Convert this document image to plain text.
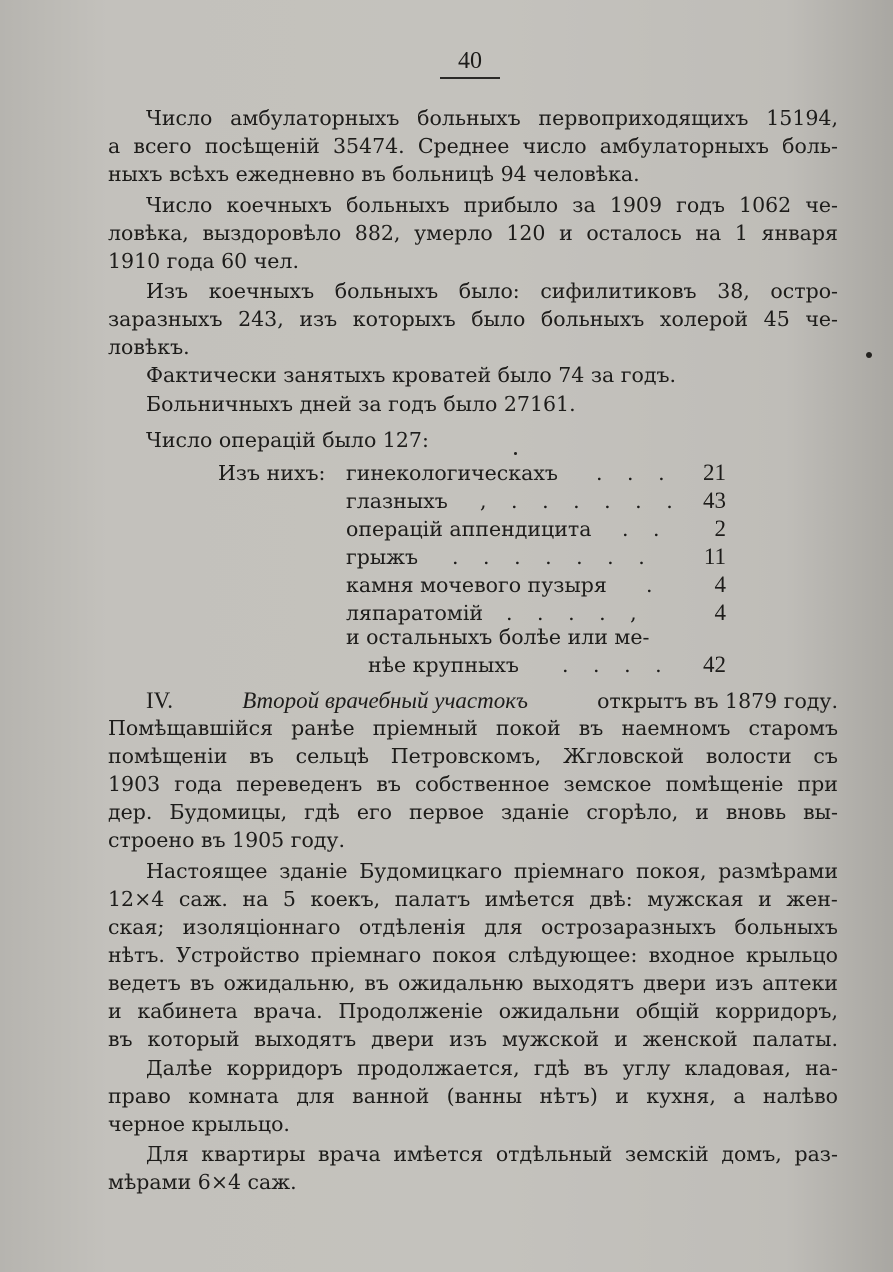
40
Число амбулаторныхъ больныхъ первоприходящихъ 15194,
а всего посѣщеній 35474. Среднее число амбулаторныхъ боль-
ныхъ всѣхъ ежедневно въ больницѣ 94 человѣка.
Число коечныхъ больныхъ прибыло за 1909 годъ 1062 че-
ловѣка, выздоровѣло 882, умерло 120 и осталось на 1 января
1910 года 60 чел.
Изъ коечныхъ больныхъ было: сифилитиковъ 38, остро-
заразныхъ 243, изъ которыхъ было больныхъ холерой 45 че-
ловѣкъ.
Фактически занятыхъ кроватей было 74 за годъ.
Больничныхъ дней за годъ было 27161.
Число операцій было 127:
Изъ нихъ: гинекологическахъ . . .	21
глазныхъ , . . . . . . 43
операцій аппендицита . .	2
грыжъ . . . . . . .	11
камня мочевого пузыря .	4
ляпаратомій . . . . ,	4
и остальныхъ болѣе или ме-
нѣе крупныхъ . . . .	42
IV.	Второй врачебный участокъ	открытъ въ 1879 году.
Помѣщавшійся ранѣе пріемный покой въ наемномъ старомъ
помѣщеніи въ сельцѣ Петровскомъ, Жгловской волости съ
1903 года переведенъ въ собственное земское помѣщеніе при
дер. Будомицы, гдѣ его первое зданіе сгорѣло, и вновь вы-
строено въ 1905 году.
Настоящее зданіе Будомицкаго пріемнаго покоя, размѣрами
12×4 саж. на 5 коекъ, палатъ имѣется двѣ: мужская и жен-
ская; изоляціоннаго отдѣленія для острозаразныхъ больныхъ
нѣтъ. Устройство пріемнаго покоя слѣдующее: входное крыльцо
ведетъ въ ожидальню, въ ожидальню выходятъ двери изъ аптеки
и кабинета врача. Продолженіе ожидальни общій корридоръ,
въ который выходятъ двери изъ мужской и женской палаты.
Далѣе корридоръ продолжается, гдѣ въ углу кладовая, на-
право комната для ванной (ванны нѣтъ) и кухня, а налѣво
черное крыльцо.
Для квартиры врача имѣется отдѣльный земскій домъ, раз-
мѣрами 6×4 саж.
